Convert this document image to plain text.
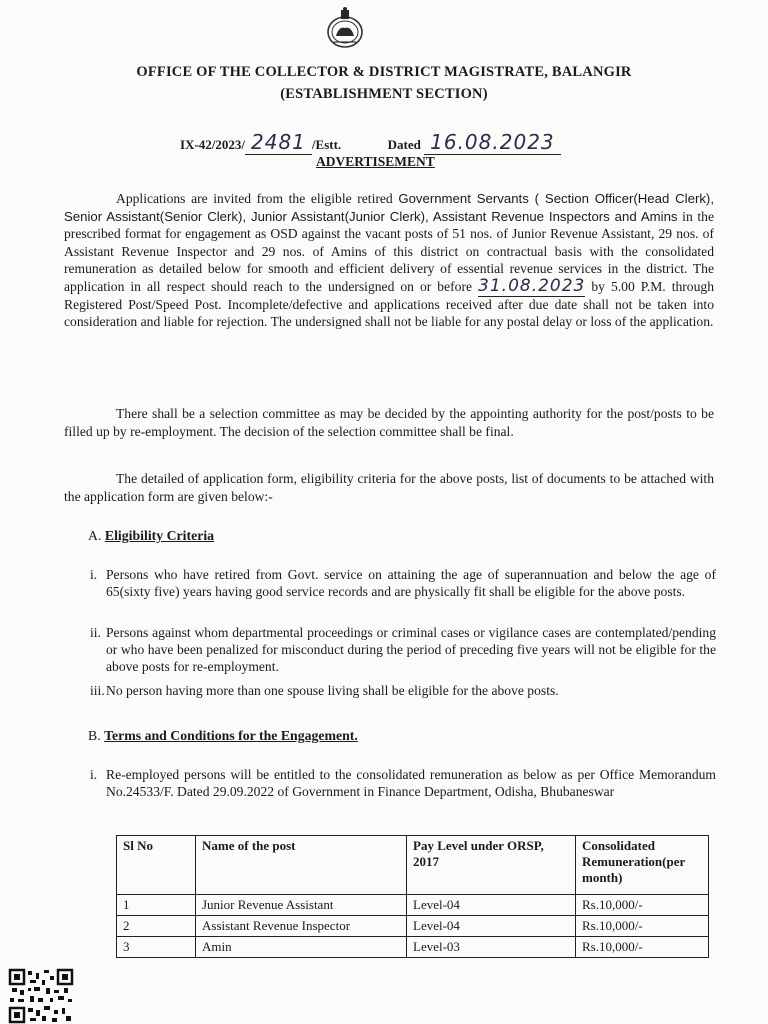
OFFICE OF THE COLLECTOR & DISTRICT MAGISTRATE, BALANGIR
(ESTABLISHMENT SECTION)
IX-42/2023/ 2481 /Estt.	Dated 16.08.2023
ADVERTISEMENT
Applications are invited from the eligible retired Government Servants ( Section Officer(Head Clerk), Senior Assistant(Senior Clerk), Junior Assistant(Junior Clerk), Assistant Revenue Inspectors and Amins in the prescribed format for engagement as OSD against the vacant posts of 51 nos. of Junior Revenue Assistant, 29 nos. of Assistant Revenue Inspector and 29 nos. of Amins of this district on contractual basis with the consolidated remuneration as detailed below for smooth and efficient delivery of essential revenue services in the district. The application in all respect should reach to the undersigned on or before 31.08.2023 by 5.00 P.M. through Registered Post/Speed Post. Incomplete/defective and applications received after due date shall not be taken into consideration and liable for rejection. The undersigned shall not be liable for any postal delay or loss of the application.
There shall be a selection committee as may be decided by the appointing authority for the post/posts to be filled up by re-employment. The decision of the selection committee shall be final.
The detailed of application form, eligibility criteria for the above posts, list of documents to be attached with the application form are given below:-
A. Eligibility Criteria
i. Persons who have retired from Govt. service on attaining the age of superannuation and below the age of 65(sixty five) years having good service records and are physically fit shall be eligible for the above posts.
ii. Persons against whom departmental proceedings or criminal cases or vigilance cases are contemplated/pending or who have been penalized for misconduct during the period of preceding five years will not be eligible for the above posts for re-employment.
iii. No person having more than one spouse living shall be eligible for the above posts.
B. Terms and Conditions for the Engagement.
i. Re-employed persons will be entitled to the consolidated remuneration as below as per Office Memorandum No.24533/F. Dated 29.09.2022 of Government in Finance Department, Odisha, Bhubaneswar
Sl No	Name of the post	Pay Level under ORSP, 2017	Consolidated Remuneration(per month)
1	Junior Revenue Assistant	Level-04	Rs.10,000/-
2	Assistant Revenue Inspector	Level-04	Rs.10,000/-
3	Amin	Level-03	Rs.10,000/-
